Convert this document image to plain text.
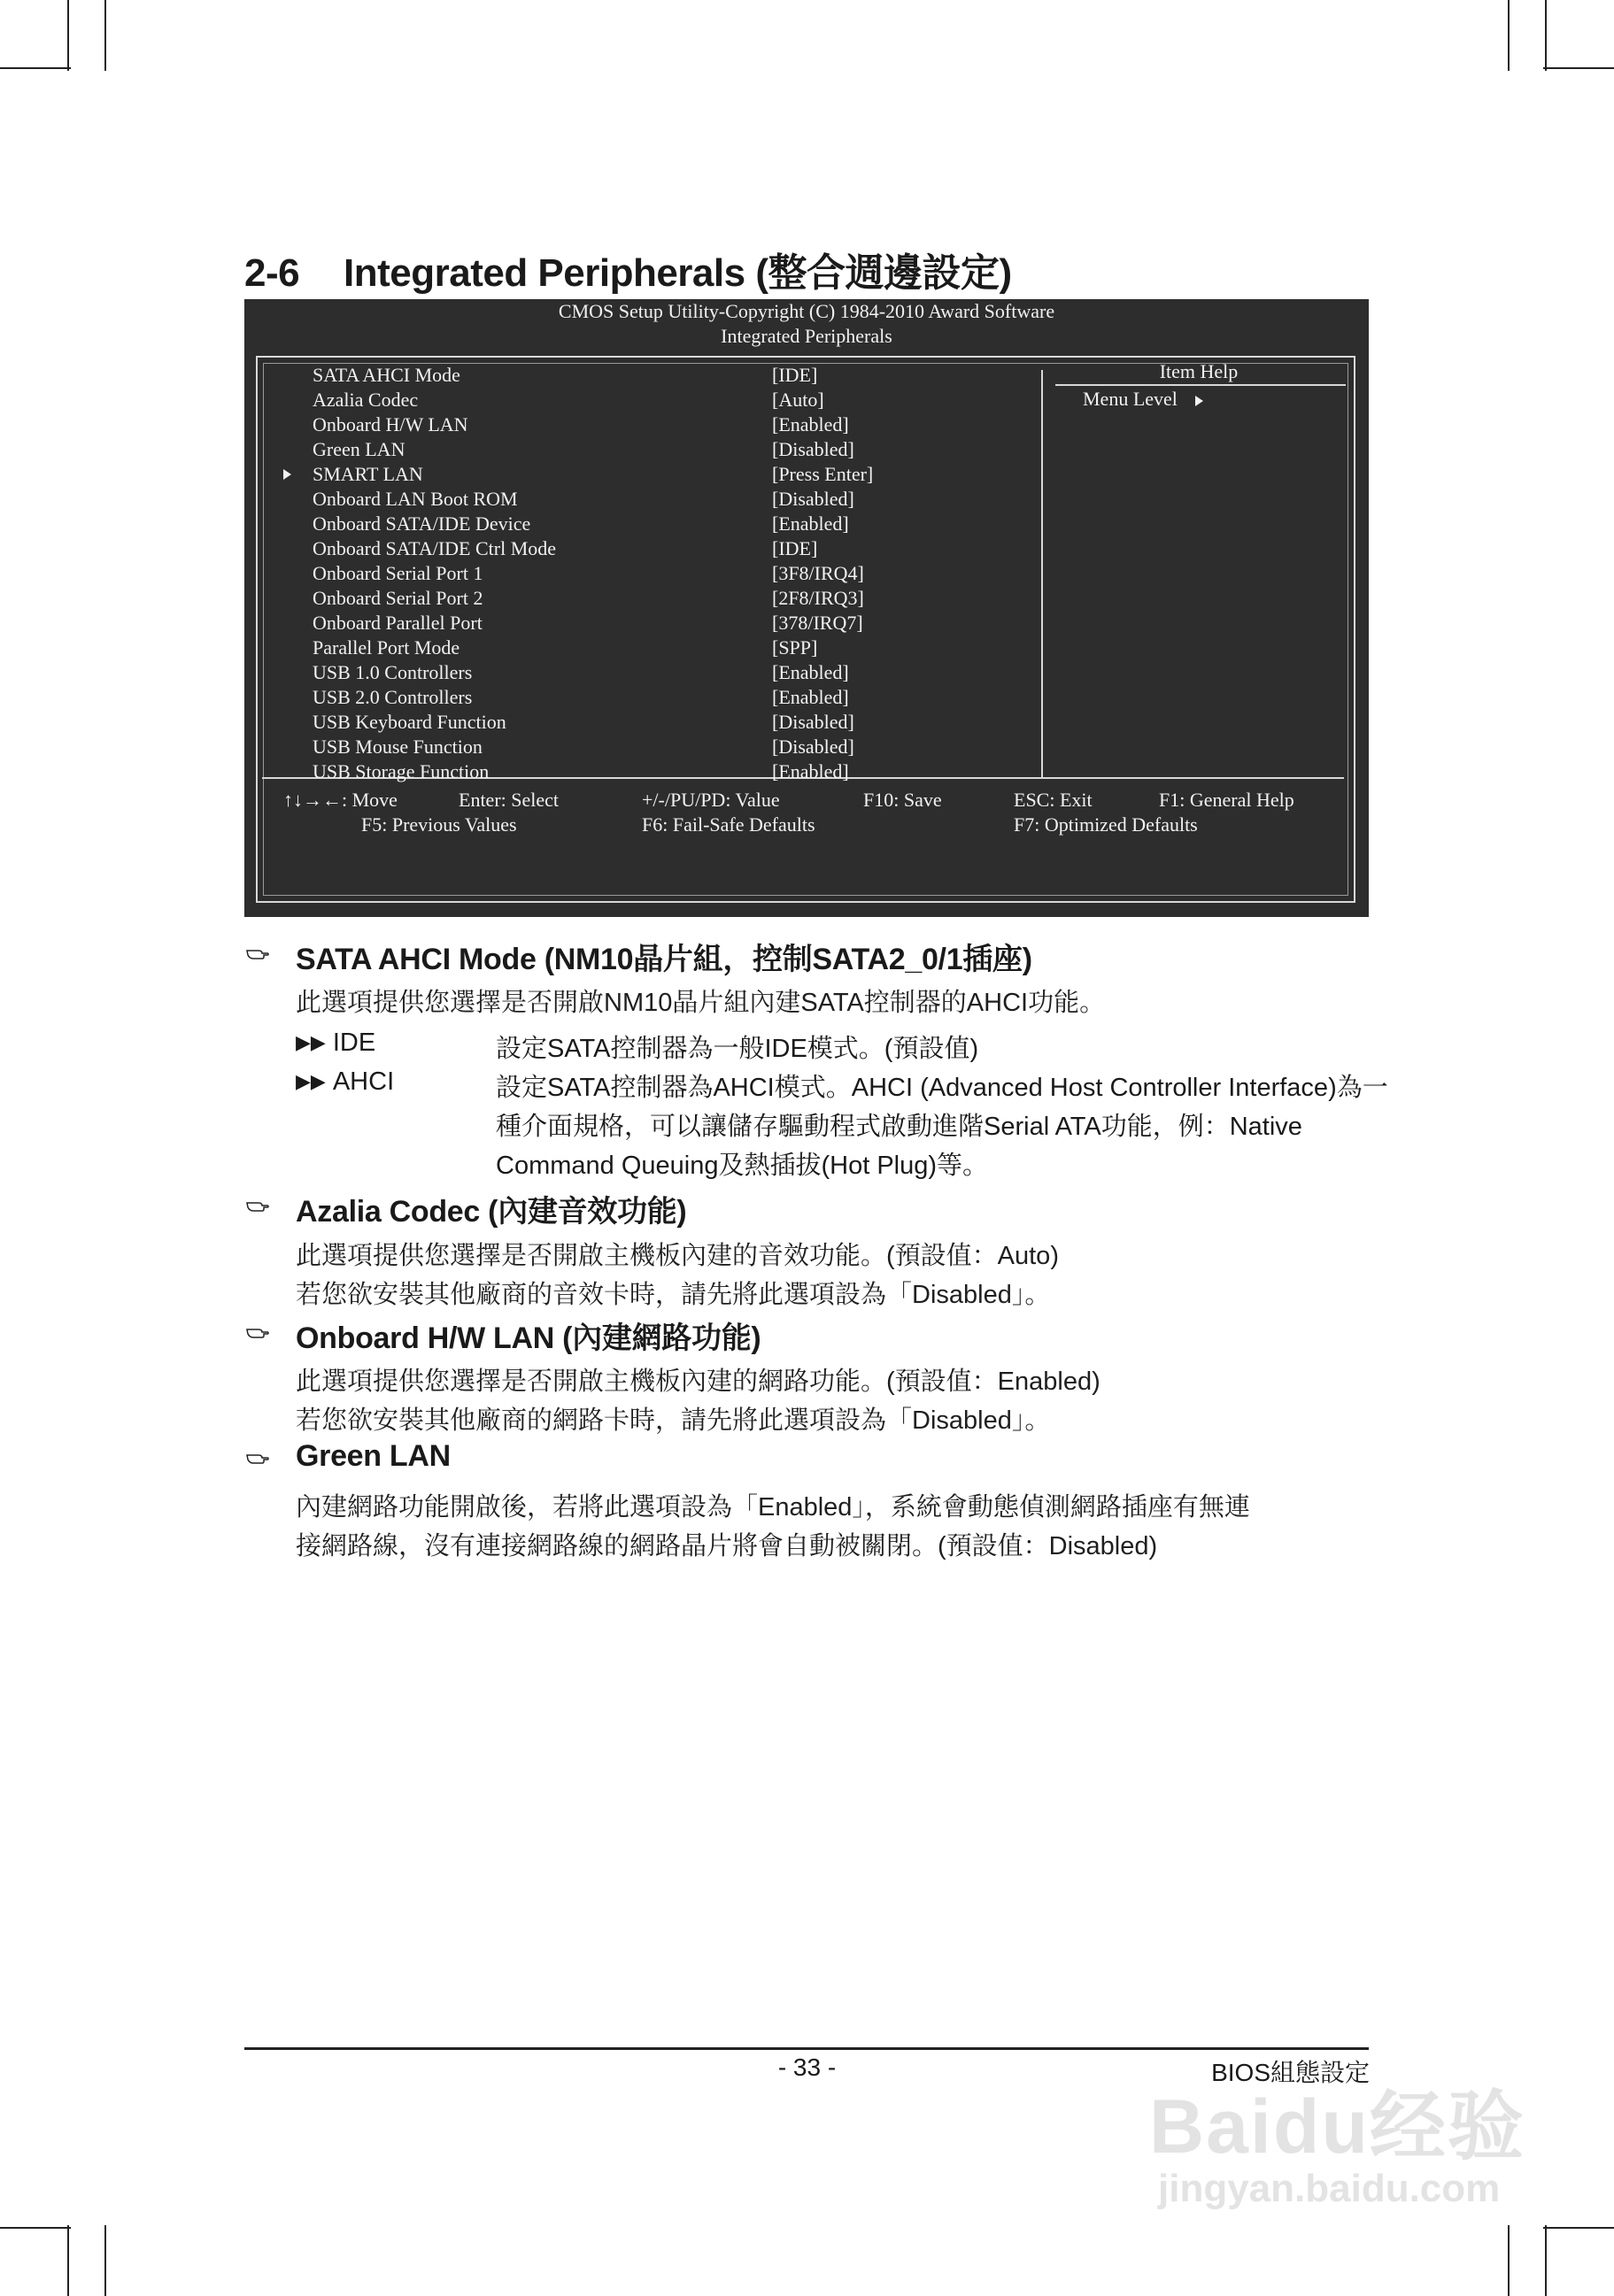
2-6 Integrated Peripherals (整合週邊設定)
CMOS Setup Utility-Copyright (C) 1984-2010 Award Software
Integrated Peripherals
SATA AHCI Mode	[IDE]
Azalia Codec	[Auto]
Onboard H/W LAN	[Enabled]
Green LAN	[Disabled]
SMART LAN	[Press Enter]
Onboard LAN Boot ROM	[Disabled]
Onboard SATA/IDE Device	[Enabled]
Onboard SATA/IDE Ctrl Mode	[IDE]
Onboard Serial Port 1	[3F8/IRQ4]
Onboard Serial Port 2	[2F8/IRQ3]
Onboard Parallel Port	[378/IRQ7]
Parallel Port Mode	[SPP]
USB 1.0 Controllers	[Enabled]
USB 2.0 Controllers	[Enabled]
USB Keyboard Function	[Disabled]
USB Mouse Function	[Disabled]
USB Storage Function	[Enabled]
Item Help
Menu Level
↑↓→←: Move	Enter: Select	+/-/PU/PD: Value	F10: Save	ESC: Exit	F1: General Help
F5: Previous Values	F6: Fail-Safe Defaults	F7: Optimized Defaults
SATA AHCI Mode (NM10晶片組，控制SATA2_0/1插座)
此選項提供您選擇是否開啟NM10晶片組內建SATA控制器的AHCI功能。
▶▶ IDE	設定SATA控制器為一般IDE模式。(預設值)
▶▶ AHCI	設定SATA控制器為AHCI模式。AHCI (Advanced Host Controller Interface)為一
種介面規格，可以讓儲存驅動程式啟動進階Serial ATA功能，例：Native
Command Queuing及熱插拔(Hot Plug)等。
Azalia Codec (內建音效功能)
此選項提供您選擇是否開啟主機板內建的音效功能。(預設值：Auto)
若您欲安裝其他廠商的音效卡時，請先將此選項設為「Disabled」。
Onboard H/W LAN (內建網路功能)
此選項提供您選擇是否開啟主機板內建的網路功能。(預設值：Enabled)
若您欲安裝其他廠商的網路卡時，請先將此選項設為「Disabled」。
Green LAN
內建網路功能開啟後，若將此選項設為「Enabled」，系統會動態偵測網路插座有無連
接網路線，沒有連接網路線的網路晶片將會自動被關閉。(預設值：Disabled)
- 33 -	BIOS組態設定
Baidu经验
jingyan.baidu.com
